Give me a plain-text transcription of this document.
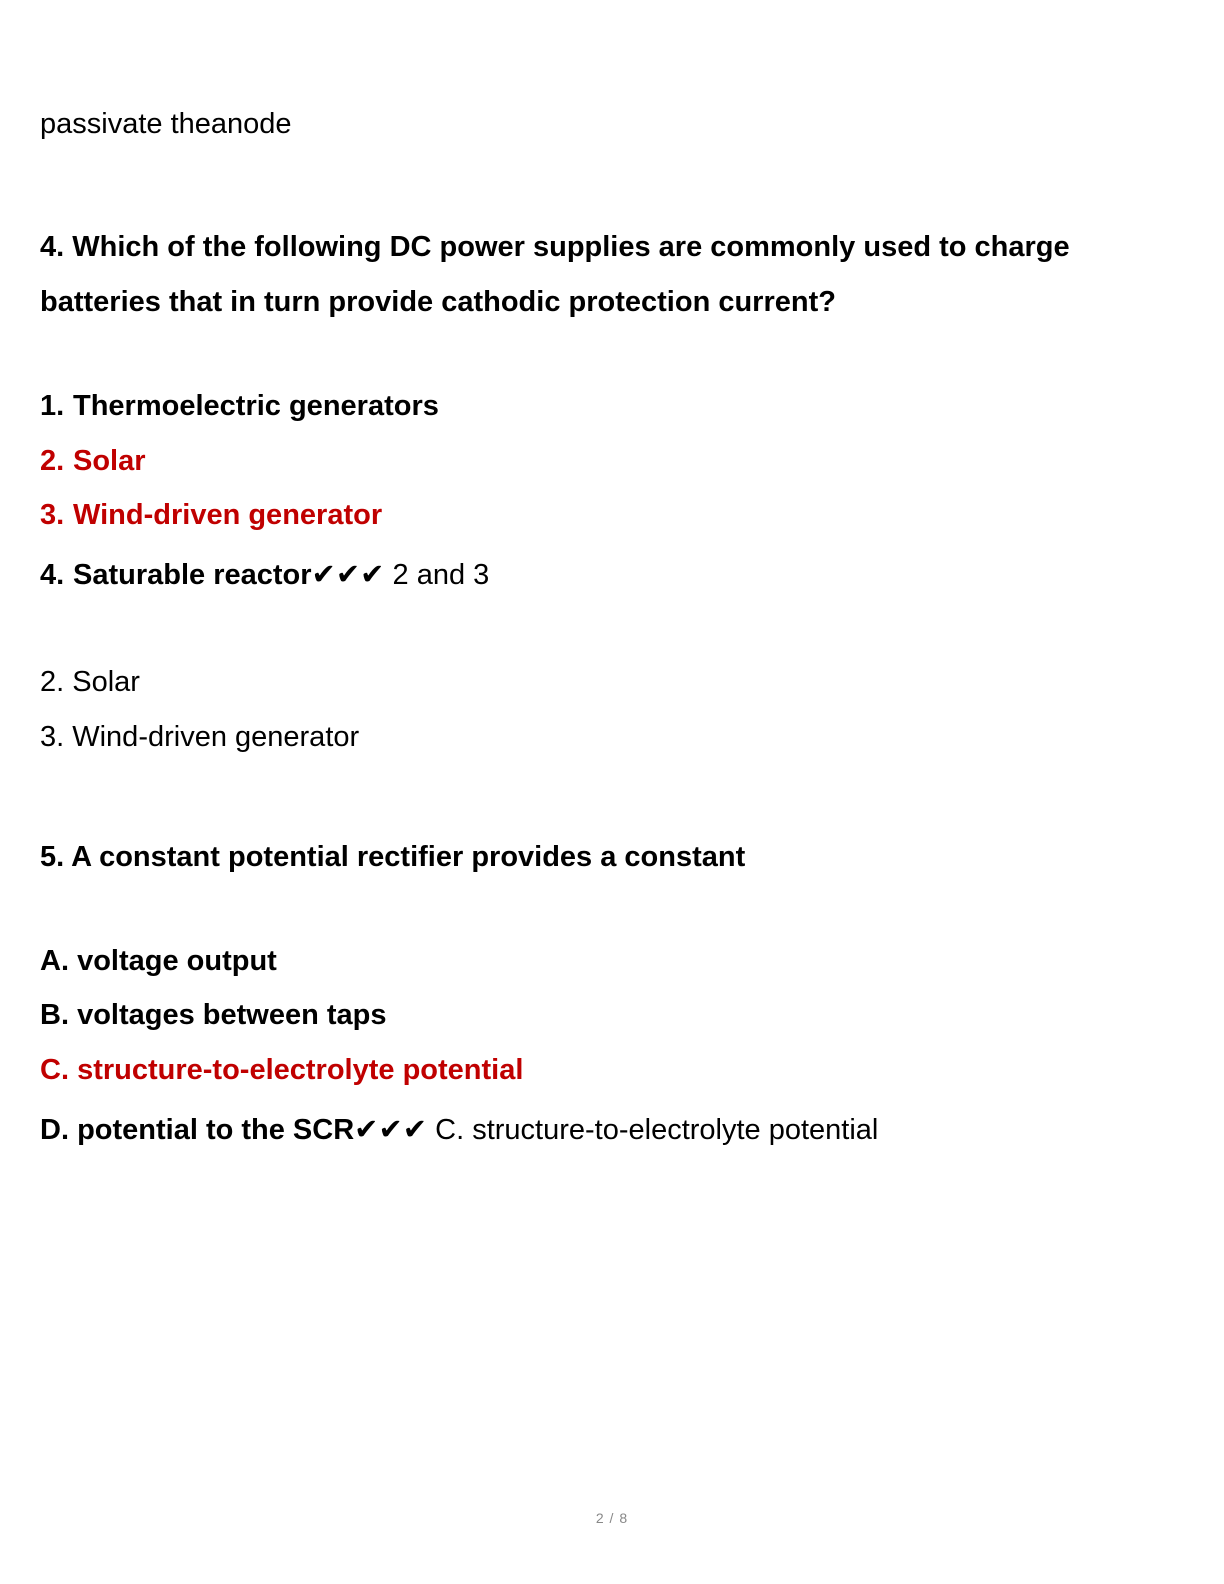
passivate theanode
4. Which of the following DC power supplies are commonly used to charge
batteries that in turn provide cathodic protection current?
1. Thermoelectric generators
2. Solar
3. Wind-driven generator
4. Saturable reactor✔✔✔ 2 and 3
2. Solar
3. Wind-driven generator
5. A constant potential rectifier provides a constant
A. voltage output
B. voltages between taps
C. structure-to-electrolyte potential
D. potential to the SCR✔✔✔ C. structure-to-electrolyte potential
2 / 8
